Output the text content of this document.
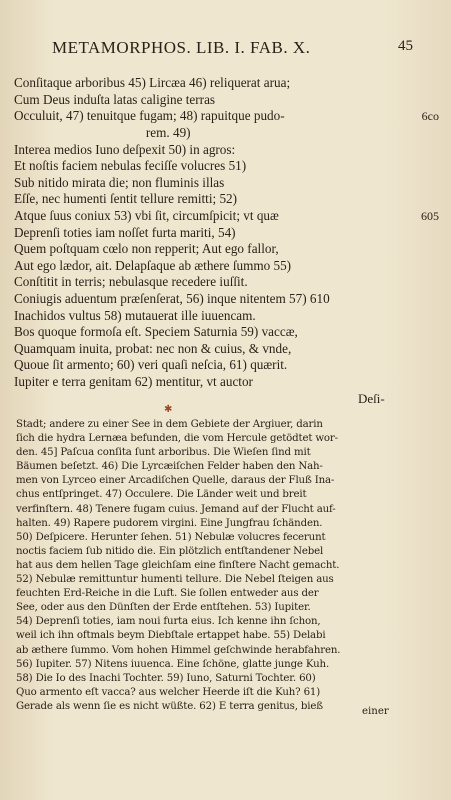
METAMORPHOS. LIB. I. FAB. X.	45
Conſitaque arboribus 45) Lircæa 46) reliquerat arua;
Cum Deus induſta latas caligine terras
Occuluit, 47) tenuitque fugam; 48) rapuitque pudo-	6co
rem. 49)
Interea medios Iuno deſpexit 50) in agros:
Et noſtis faciem nebulas feciſſe volucres 51)
Sub nitido mirata die; non fluminis illas
Eſſe, nec humenti ſentit tellure remitti; 52)
Atque ſuus coniux 53) vbi ſit, circumſpicit; vt quæ	605
Deprenſi toties iam noſſet furta mariti, 54)
Quem poſtquam cœlo non repperit; Aut ego fallor,
Aut ego lædor, ait. Delapſaque ab æthere ſummo 55)
Conſtitit in terris; nebulasque recedere iuſſit.
Coniugis aduentum præſenſerat, 56) inque nitentem 57) 610
Inachidos vultus 58) mutauerat ille iuuencam.
Bos quoque formoſa eſt. Speciem Saturnia 59) vaccæ,
Quamquam inuita, probat: nec non & cuius, & vnde,
Quoue ſit armento; 60) veri quaſi neſcia, 61) quærit.
Iupiter e terra genitam 62) mentitur, vt auctor
Deſi-
✱
Stadt; andere zu einer See in dem Gebiete der Argiuer, darin
ſich die hydra Lernæa befunden, die vom Hercule getödtet wor-
den. 45] Paſcua conſita ſunt arboribus. Die Wieſen ſind mit
Bäumen beſetzt. 46) Die Lyrcæiſchen Felder haben den Nah-
men von Lyrceo einer Arcadiſchen Quelle, daraus der Fluß Ina-
chus entſpringet. 47) Occulere. Die Länder weit und breit
verfinſtern. 48) Tenere fugam cuius. Jemand auf der Flucht auf-
halten. 49) Rapere pudorem virgini. Eine Jungfrau ſchänden.
50) Deſpicere. Herunter ſehen. 51) Nebulæ volucres fecerunt
noctis faciem ſub nitido die. Ein plötzlich entſtandener Nebel
hat aus dem hellen Tage gleichſam eine finſtere Nacht gemacht.
52) Nebulæ remittuntur humenti tellure. Die Nebel ſteigen aus
feuchten Erd-Reiche in die Luft. Sie ſollen entweder aus der
See, oder aus den Dünſten der Erde entſtehen. 53) Iupiter.
54) Deprenſi toties, iam noui furta eius. Ich kenne ihn ſchon,
weil ich ihn oftmals beym Diebſtale ertappet habe. 55) Delabi
ab æthere ſummo. Vom hohen Himmel geſchwinde herabfahren.
56) Iupiter. 57) Nitens iuuenca. Eine ſchöne, glatte junge Kuh.
58) Die Io des Inachi Tochter. 59) Iuno, Saturni Tochter. 60)
Quo armento eſt vacca? aus welcher Heerde iſt die Kuh? 61)
Gerade als wenn ſie es nicht wüßte. 62) E terra genitus, bieß	einer
